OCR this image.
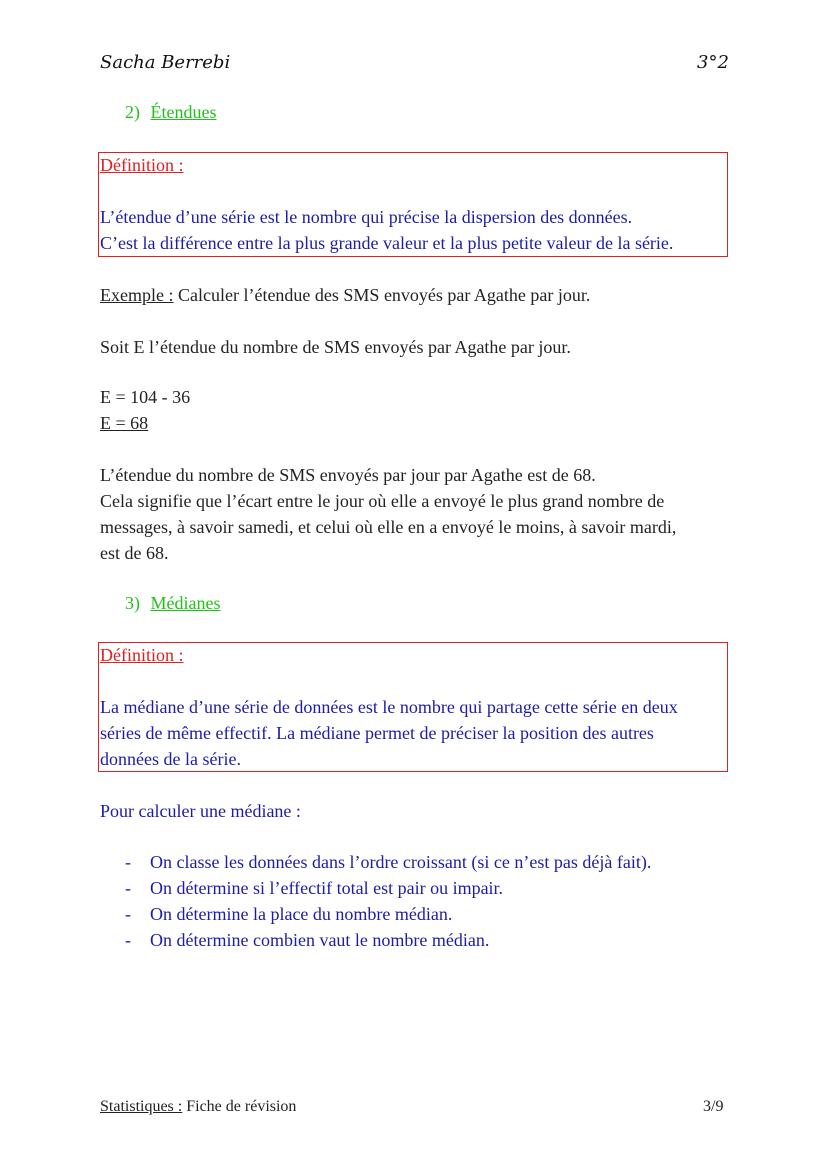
Sacha Berrebi	3°2
2) Étendues
Définition :
L’étendue d’une série est le nombre qui précise la dispersion des données.
C’est la différence entre la plus grande valeur et la plus petite valeur de la série.
Exemple : Calculer l’étendue des SMS envoyés par Agathe par jour.
Soit E l’étendue du nombre de SMS envoyés par Agathe par jour.
E = 104 - 36
E = 68
L’étendue du nombre de SMS envoyés par jour par Agathe est de 68.
Cela signifie que l’écart entre le jour où elle a envoyé le plus grand nombre de
messages, à savoir samedi, et celui où elle en a envoyé le moins, à savoir mardi,
est de 68.
3) Médianes
Définition :
La médiane d’une série de données est le nombre qui partage cette série en deux
séries de même effectif. La médiane permet de préciser la position des autres
données de la série.
Pour calculer une médiane :
- On classe les données dans l’ordre croissant (si ce n’est pas déjà fait).
- On détermine si l’effectif total est pair ou impair.
- On détermine la place du nombre médian.
- On détermine combien vaut le nombre médian.
Statistiques : Fiche de révision	3/9
